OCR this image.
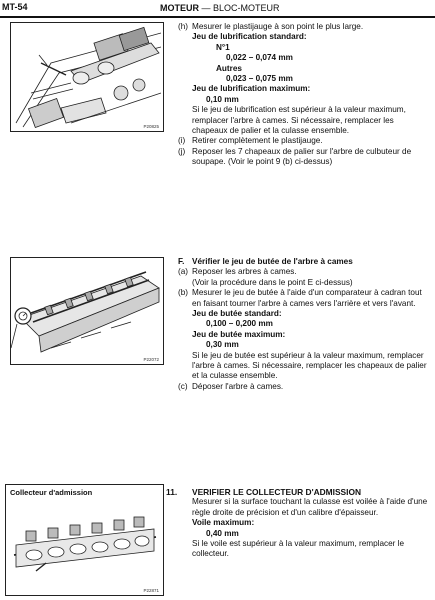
MT-54	MOTEUR — BLOC-MOTEUR
P20825
(h) Mesurer le plastijauge à son point le plus large.
Jeu de lubrification standard:
N°1
0,022 – 0,074 mm
Autres
0,023 – 0,075 mm
Jeu de lubrification maximum:
0,10 mm
Si le jeu de lubrification est supérieur à la valeur maximum, remplacer l'arbre à cames. Si nécessaire, remplacer les chapeaux de palier et la culasse ensemble.
(i) Retirer complètement le plastijauge.
(j) Reposer les 7 chapeaux de palier sur l'arbre de culbuteur de soupape. (Voir le point 9 (b) ci-dessus)
P22072
F. Vérifier le jeu de butée de l'arbre à cames
(a) Reposer les arbres à cames.
(Voir la procédure dans le point E ci-dessus)
(b) Mesurer le jeu de butée à l'aide d'un comparateur à cadran tout en faisant tourner l'arbre à cames vers l'arrière et vers l'avant.
Jeu de butée standard:
0,100 – 0,200 mm
Jeu de butée maximum:
0,30 mm
Si le jeu de butée est supérieur à la valeur maximum, remplacer l'arbre à cames. Si nécessaire, remplacer les chapeaux de palier et la culasse ensemble.
(c) Déposer l'arbre à cames.
Collecteur d'admission
P22871
11.	VERIFIER LE COLLECTEUR D'ADMISSION
Mesurer si la surface touchant la culasse est voilée à l'aide d'une règle droite de précision et d'un calibre d'épaisseur.
Voile maximum:
0,40 mm
Si le voile est supérieur à la valeur maximum, remplacer le collecteur.
